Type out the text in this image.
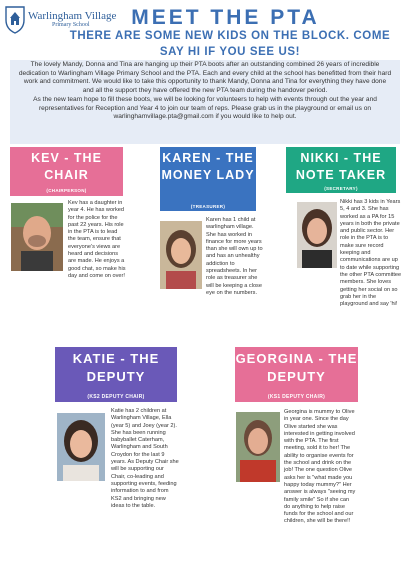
Warlingham Village
Primary School	MEET THE PTA
THERE ARE SOME NEW KIDS ON THE BLOCK. COME
SAY HI IF YOU SEE US!

The lovely Mandy, Donna and Tina are hanging up their PTA boots after an outstanding combined 26 years of incredible dedication to Warlingham Village Primary School and the PTA. Each and every child at the school has benefitted from their hard work and commitment. We would like to take this opportunity to thank Mandy, Donna and Tina for everything they have done and all the support they have offered the new PTA team during the handover period.

As the new team hope to fill these boots, we will be looking for volunteers to help with events through out the year and representatives for Reception and Year 4 to join our team of reps. Please grab us in the playground or email us on warlinghamvillage.pta@gmail.com if you would like to help out.

KEV - THE CHAIR
(CHAIRPERSON)
Kev has a daughter in year 4. He has worked for the police for the past 22 years. His role in the PTA is to lead the team, ensure that everyone's views are heard and decisions are made. He enjoys a good chat, so make his day and come on over!
KAREN - THE MONEY LADY
(TREASURER)
Karen has 1 child at warlingham village. She has worked in finance for more years than she will own up to and has an unhealthy addiction to spreadsheets. In her role as treasurer she will be keeping a close eye on the numbers.
NIKKI - THE NOTE TAKER
(SECRETARY)
Nikki has 3 kids in Years 5, 4 and 3. She has worked as a PA for 15 years in both the private and public sector. Her role in the PTA is to make sure record keeping and communications are up to date while supporting the other PTA committee members. She loves getting her social on so grab her in the playground and say 'hi!
KATIE - THE DEPUTY
(KS2 DEPUTY CHAIR)
Katie has 2 children at Warlingham Village, Ella (year 5) and Joey (year 2). She has been running babyballet Caterham, Warlingham and South Croydon for the last 9 years. As Deputy Chair she will be supporting our Chair, co-leading and supporting events, feeding information to and from KS2 and bringing new ideas to the table.
GEORGINA - THE DEPUTY
(KS1 DEPUTY CHAIR)
Georgina is mummy to Olive in year one. Since the day Olive started she was interested in getting involved with the PTA. The first meeting, sold it to her! The ability to organise events for the school and drink on the job! The one question Olive asks her is "what made you happy today mummy?" Her answer is always "seeing my family smile" So if she can do anything to help raise funds for the school and our children, she will be there!!
